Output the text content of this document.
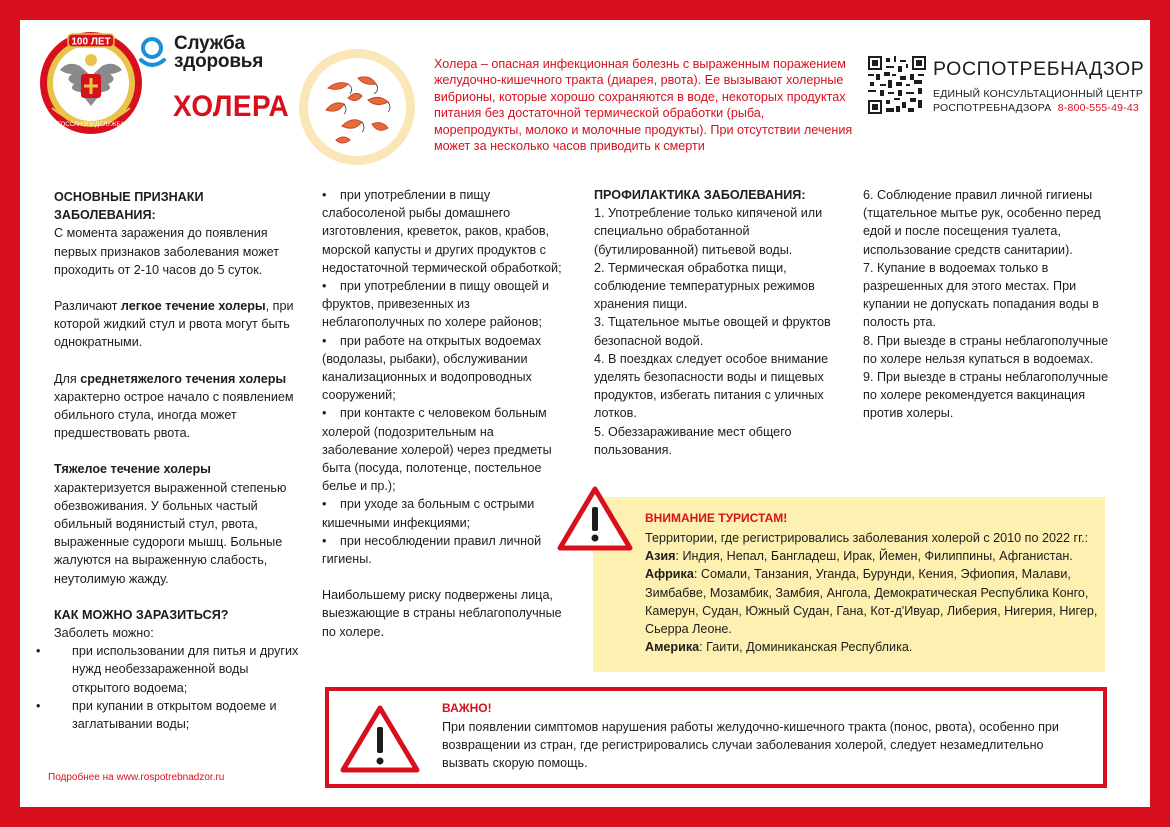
100 ЛЕТ
ГОССАНЭПИДСЛУЖБА
Служба
здоровья
ХОЛЕРА
Холера – опасная инфекционная болезнь с выраженным поражением желудочно-кишечного тракта (диарея, рвота). Ее вызывают холерные вибрионы, которые хорошо сохраняются в воде, некоторых продуктах питания без достаточной термической обработки (рыба, морепродукты, молоко и молочные продукты). При отсутствии лечения может за несколько часов приводить к смерти
РОСПОТРЕБНАДЗОР
ЕДИНЫЙ КОНСУЛЬТАЦИОННЫЙ ЦЕНТР
РОСПОТРЕБНАДЗОРА 8-800-555-49-43
ОСНОВНЫЕ ПРИЗНАКИ ЗАБОЛЕВАНИЯ:
С момента заражения до появления первых признаков заболевания может проходить от 2-10 часов до 5 суток.
Различают легкое течение холеры, при которой жидкий стул и рвота могут быть однократными.
Для среднетяжелого течения холеры характерно острое начало с появлением обильного стула, иногда может предшествовать рвота.
Тяжелое течение холеры
характеризуется выраженной степенью обезвоживания. У больных частый обильный водянистый стул, рвота, выраженные судороги мышц. Больные жалуются на выраженную слабость, неутолимую жажду.
КАК МОЖНО ЗАРАЗИТЬСЯ?
Заболеть можно:
•	при использовании для питья и других нужд необеззараженной воды открытого водоема;
•	при купании в открытом водоеме и заглатывании воды;
• при употреблении в пищу слабосоленой рыбы домашнего изготовления, креветок, раков, крабов, морской капусты и других продуктов с недостаточной термической обработкой;
• при употреблении в пищу овощей и фруктов, привезенных из неблагополучных по холере районов;
• при работе на открытых водоемах (водолазы, рыбаки), обслуживании канализационных и водопроводных сооружений;
• при контакте с человеком больным холерой (подозрительным на заболевание холерой) через предметы быта (посуда, полотенце, постельное белье и пр.);
• при уходе за больным с острыми кишечными инфекциями;
• при несоблюдении правил личной гигиены.
Наибольшему риску подвержены лица, выезжающие в страны неблагополучные по холере.
ПРОФИЛАКТИКА ЗАБОЛЕВАНИЯ:
1. Употребление только кипяченой или специально обработанной (бутилированной) питьевой воды.
2. Термическая обработка пищи, соблюдение температурных режимов хранения пищи.
3. Тщательное мытье овощей и фруктов безопасной водой.
4. В поездках следует особое внимание уделять безопасности воды и пищевых продуктов, избегать питания с уличных лотков.
5. Обеззараживание мест общего пользования.
6. Соблюдение правил личной гигиены (тщательное мытье рук, особенно перед едой и после посещения туалета, использование средств санитарии).
7. Купание в водоемах только в разрешенных для этого местах. При купании не допускать попадания воды в полость рта.
8. При выезде в страны неблагополучные по холере нельзя купаться в водоемах.
9. При выезде в страны неблагополучные по холере рекомендуется вакцинация против холеры.
ВНИМАНИЕ ТУРИСТАМ!
Территории, где регистрировались заболевания холерой с 2010 по 2022 гг.:
Азия: Индия, Непал, Бангладеш, Ирак, Йемен, Филиппины, Афганистан.
Африка: Сомали, Танзания, Уганда, Бурунди, Кения, Эфиопия, Малави, Зимбабве, Мозамбик, Замбия, Ангола, Демократическая Республика Конго, Камерун, Судан, Южный Судан, Гана, Кот-д'Ивуар, Либерия, Нигерия, Нигер, Сьерра Леоне.
Америка: Гаити, Доминиканская Республика.
ВАЖНО!
При появлении симптомов нарушения работы желудочно-кишечного тракта (понос, рвота), особенно при возвращении из стран, где регистрировались случаи заболевания холерой, следует незамедлительно вызвать скорую помощь.
Подробнее на www.rospotrebnadzor.ru
